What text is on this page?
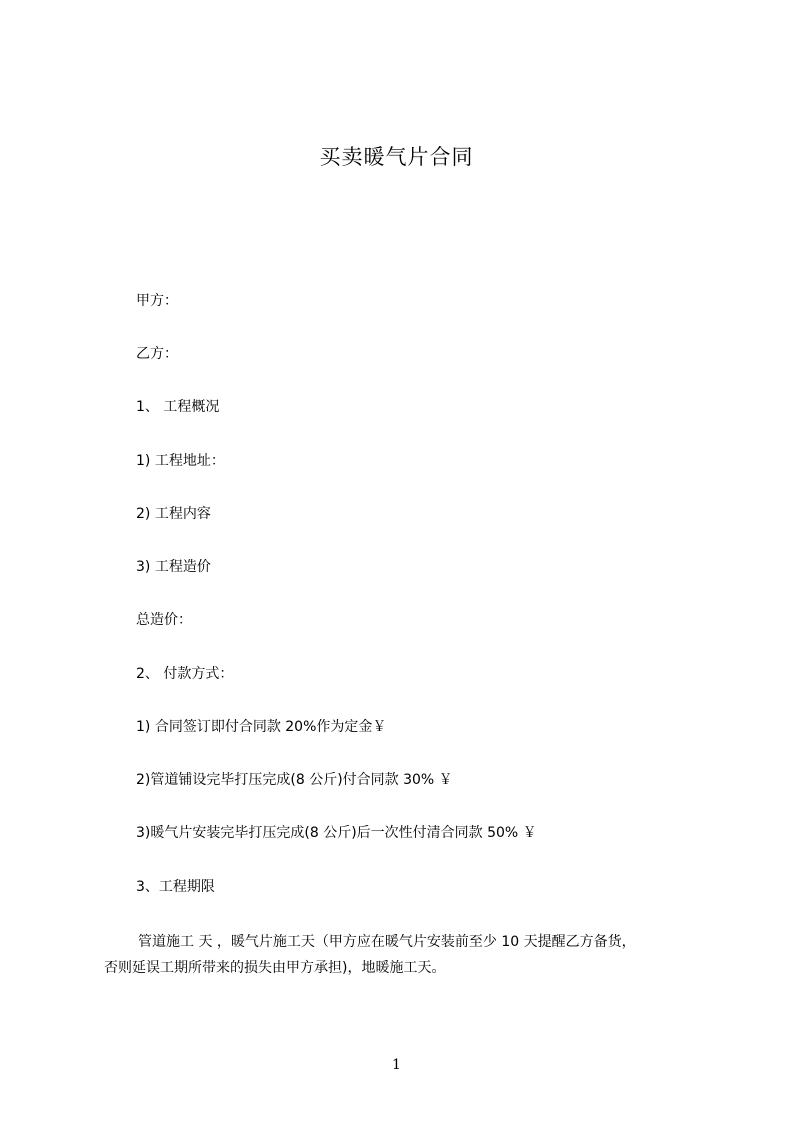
买卖暖气片合同
甲方：
乙方：
1、 工程概况
1) 工程地址：
2) 工程内容
3) 工程造价
总造价：
2、 付款方式：
1) 合同签订即付合同款 20%作为定金￥
2)管道铺设完毕打压完成(8 公斤)付合同款 30% ￥
3)暖气片安装完毕打压完成(8 公斤)后一次性付清合同款 50% ￥
3、工程期限
管道施工 天 ，暖气片施工天（甲方应在暖气片安装前至少 10 天提醒乙方备货，
否则延误工期所带来的损失由甲方承担)，地暖施工天。
1
